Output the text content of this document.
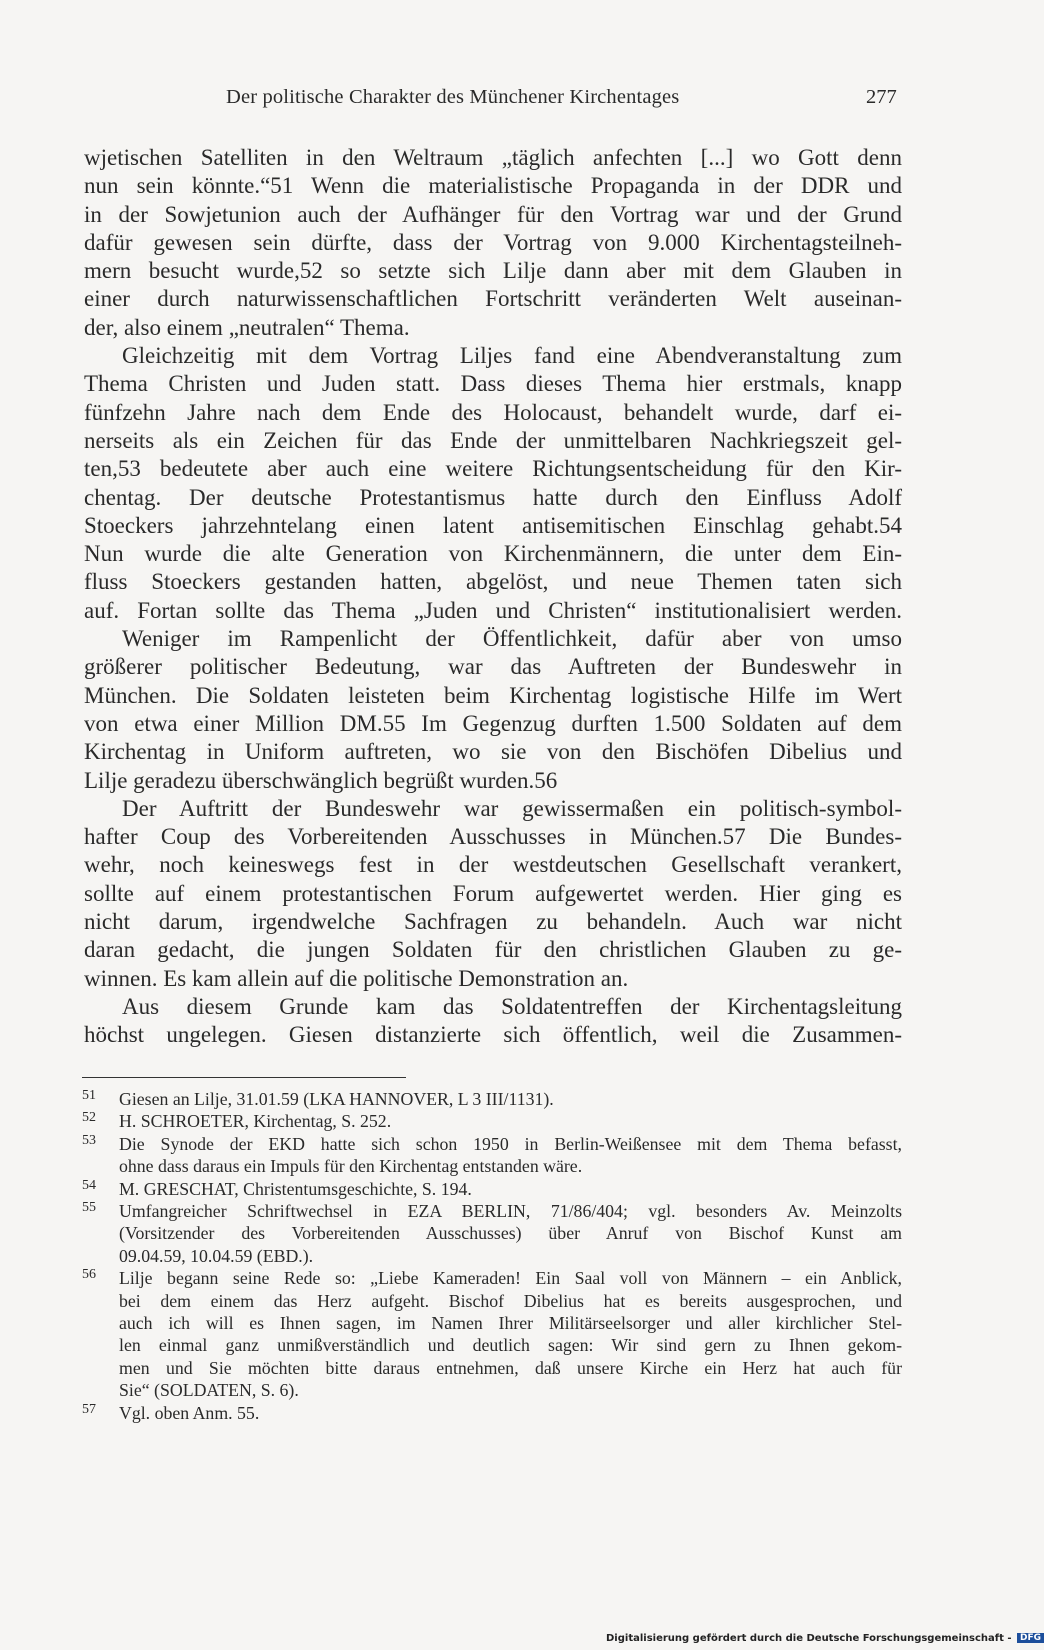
Der politische Charakter des Münchener Kirchentages	277
wjetischen Satelliten in den Weltraum „täglich anfechten [...] wo Gott denn
nun sein könnte.“51 Wenn die materialistische Propaganda in der DDR und
in der Sowjetunion auch der Aufhänger für den Vortrag war und der Grund
dafür gewesen sein dürfte, dass der Vortrag von 9.000 Kirchentagsteilneh-
mern besucht wurde,52 so setzte sich Lilje dann aber mit dem Glauben in
einer durch naturwissenschaftlichen Fortschritt veränderten Welt auseinan-
der, also einem „neutralen“ Thema.
Gleichzeitig mit dem Vortrag Liljes fand eine Abendveranstaltung zum
Thema Christen und Juden statt. Dass dieses Thema hier erstmals, knapp
fünfzehn Jahre nach dem Ende des Holocaust, behandelt wurde, darf ei-
nerseits als ein Zeichen für das Ende der unmittelbaren Nachkriegszeit gel-
ten,53 bedeutete aber auch eine weitere Richtungsentscheidung für den Kir-
chentag. Der deutsche Protestantismus hatte durch den Einfluss Adolf
Stoeckers jahrzehntelang einen latent antisemitischen Einschlag gehabt.54
Nun wurde die alte Generation von Kirchenmännern, die unter dem Ein-
fluss Stoeckers gestanden hatten, abgelöst, und neue Themen taten sich
auf. Fortan sollte das Thema „Juden und Christen“ institutionalisiert werden.
Weniger im Rampenlicht der Öffentlichkeit, dafür aber von umso
größerer politischer Bedeutung, war das Auftreten der Bundeswehr in
München. Die Soldaten leisteten beim Kirchentag logistische Hilfe im Wert
von etwa einer Million DM.55 Im Gegenzug durften 1.500 Soldaten auf dem
Kirchentag in Uniform auftreten, wo sie von den Bischöfen Dibelius und
Lilje geradezu überschwänglich begrüßt wurden.56
Der Auftritt der Bundeswehr war gewissermaßen ein politisch-symbol-
hafter Coup des Vorbereitenden Ausschusses in München.57 Die Bundes-
wehr, noch keineswegs fest in der westdeutschen Gesellschaft verankert,
sollte auf einem protestantischen Forum aufgewertet werden. Hier ging es
nicht darum, irgendwelche Sachfragen zu behandeln. Auch war nicht
daran gedacht, die jungen Soldaten für den christlichen Glauben zu ge-
winnen. Es kam allein auf die politische Demonstration an.
Aus diesem Grunde kam das Soldatentreffen der Kirchentagsleitung
höchst ungelegen. Giesen distanzierte sich öffentlich, weil die Zusammen-
51 Giesen an Lilje, 31.01.59 (LKA HANNOVER, L 3 III/1131).
52 H. SCHROETER, Kirchentag, S. 252.
53 Die Synode der EKD hatte sich schon 1950 in Berlin-Weißensee mit dem Thema befasst,
ohne dass daraus ein Impuls für den Kirchentag entstanden wäre.
54 M. GRESCHAT, Christentumsgeschichte, S. 194.
55 Umfangreicher Schriftwechsel in EZA BERLIN, 71/86/404; vgl. besonders Av. Meinzolts
(Vorsitzender des Vorbereitenden Ausschusses) über Anruf von Bischof Kunst am
09.04.59, 10.04.59 (EBD.).
56 Lilje begann seine Rede so: „Liebe Kameraden! Ein Saal voll von Männern – ein Anblick,
bei dem einem das Herz aufgeht. Bischof Dibelius hat es bereits ausgesprochen, und
auch ich will es Ihnen sagen, im Namen Ihrer Militärseelsorger und aller kirchlicher Stel-
len einmal ganz unmißverständlich und deutlich sagen: Wir sind gern zu Ihnen gekom-
men und Sie möchten bitte daraus entnehmen, daß unsere Kirche ein Herz hat auch für
Sie“ (SOLDATEN, S. 6).
57 Vgl. oben Anm. 55.
Digitalisierung gefördert durch die Deutsche Forschungsgemeinschaft - DFG
